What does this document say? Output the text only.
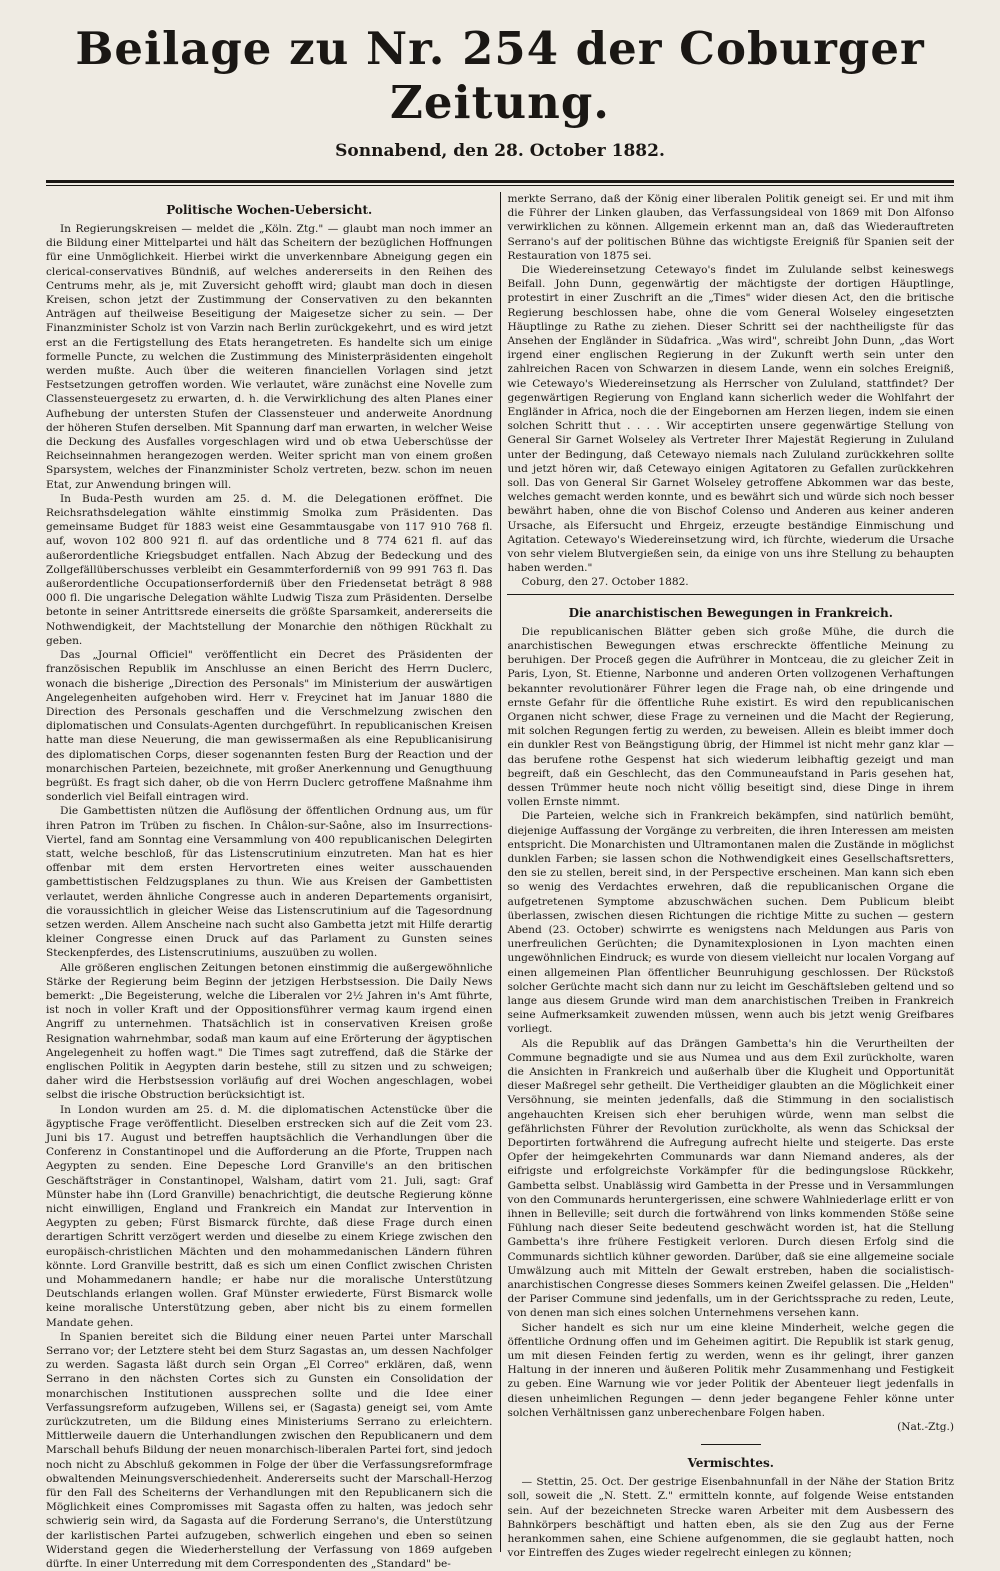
Beilage zu Nr. 254 der Coburger Zeitung.
Sonnabend, den 28. October 1882.
Politische Wochen-Uebersicht.

In Regierungskreisen — meldet die „Köln. Ztg." — glaubt man noch immer an die Bildung einer Mittelpartei und hält das Scheitern der bezüglichen Hoffnungen für eine Unmöglichkeit. Hierbei wirkt die unverkennbare Abneigung gegen ein clerical-conservatives Bündniß, auf welches andererseits in den Reihen des Centrums mehr, als je, mit Zuversicht gehofft wird; glaubt man doch in diesen Kreisen, schon jetzt der Zustimmung der Conservativen zu den bekannten Anträgen auf theilweise Beseitigung der Maigesetze sicher zu sein. — Der Finanzminister Scholz ist von Varzin nach Berlin zurückgekehrt, und es wird jetzt erst an die Fertigstellung des Etats herangetreten. Es handelte sich um einige formelle Puncte, zu welchen die Zustimmung des Ministerpräsidenten eingeholt werden mußte. Auch über die weiteren financiellen Vorlagen sind jetzt Festsetzungen getroffen worden. Wie verlautet, wäre zunächst eine Novelle zum Classensteuergesetz zu erwarten, d. h. die Verwirklichung des alten Planes einer Aufhebung der untersten Stufen der Classensteuer und anderweite Anordnung der höheren Stufen derselben. Mit Spannung darf man erwarten, in welcher Weise die Deckung des Ausfalles vorgeschlagen wird und ob etwa Ueberschüsse der Reichseinnahmen herangezogen werden. Weiter spricht man von einem großen Sparsystem, welches der Finanzminister Scholz vertreten, bezw. schon im neuen Etat, zur Anwendung bringen will.

In Buda-Pesth wurden am 25. d. M. die Delegationen eröffnet. Die Reichsrathsdelegation wählte einstimmig Smolka zum Präsidenten. Das gemeinsame Budget für 1883 weist eine Gesammtausgabe von 117 910 768 fl. auf, wovon 102 800 921 fl. auf das ordentliche und 8 774 621 fl. auf das außerordentliche Kriegsbudget entfallen. Nach Abzug der Bedeckung und des Zollgefällüberschusses verbleibt ein Gesammterforderniß von 99 991 763 fl. Das außerordentliche Occupationserforderniß über den Friedensetat beträgt 8 988 000 fl. Die ungarische Delegation wählte Ludwig Tisza zum Präsidenten. Derselbe betonte in seiner Antrittsrede einerseits die größte Sparsamkeit, andererseits die Nothwendigkeit, der Machtstellung der Monarchie den nöthigen Rückhalt zu geben.

Das „Journal Officiel" veröffentlicht ein Decret des Präsidenten der französischen Republik im Anschlusse an einen Bericht des Herrn Duclerc, wonach die bisherige „Direction des Personals" im Ministerium der auswärtigen Angelegenheiten aufgehoben wird. Herr v. Freycinet hat im Januar 1880 die Direction des Personals geschaffen und die Verschmelzung zwischen den diplomatischen und Consulats-Agenten durchgeführt. In republicanischen Kreisen hatte man diese Neuerung, die man gewissermaßen als eine Republicanisirung des diplomatischen Corps, dieser sogenannten festen Burg der Reaction und der monarchischen Parteien, bezeichnete, mit großer Anerkennung und Genugthuung begrüßt. Es fragt sich daher, ob die von Herrn Duclerc getroffene Maßnahme ihm sonderlich viel Beifall eintragen wird.

Die Gambettisten nützen die Auflösung der öffentlichen Ordnung aus, um für ihren Patron im Trüben zu fischen. In Châlon-sur-Saône, also im Insurrections-Viertel, fand am Sonntag eine Versammlung von 400 republicanischen Delegirten statt, welche beschloß, für das Listenscrutinium einzutreten. Man hat es hier offenbar mit dem ersten Hervortreten eines weiter ausschauenden gambettistischen Feldzugsplanes zu thun. Wie aus Kreisen der Gambettisten verlautet, werden ähnliche Congresse auch in anderen Departements organisirt, die voraussichtlich in gleicher Weise das Listenscrutinium auf die Tagesordnung setzen werden. Allem Anscheine nach sucht also Gambetta jetzt mit Hilfe derartig kleiner Congresse einen Druck auf das Parlament zu Gunsten seines Steckenpferdes, des Listenscrutiniums, auszuüben zu wollen.

Alle größeren englischen Zeitungen betonen einstimmig die außergewöhnliche Stärke der Regierung beim Beginn der jetzigen Herbstsession. Die Daily News bemerkt: „Die Begeisterung, welche die Liberalen vor 2½ Jahren in's Amt führte, ist noch in voller Kraft und der Oppositionsführer vermag kaum irgend einen Angriff zu unternehmen. Thatsächlich ist in conservativen Kreisen große Resignation wahrnehmbar, sodaß man kaum auf eine Erörterung der ägyptischen Angelegenheit zu hoffen wagt." Die Times sagt zutreffend, daß die Stärke der englischen Politik in Aegypten darin bestehe, still zu sitzen und zu schweigen; daher wird die Herbstsession vorläufig auf drei Wochen angeschlagen, wobei selbst die irische Obstruction berücksichtigt ist.

In London wurden am 25. d. M. die diplomatischen Actenstücke über die ägyptische Frage veröffentlicht. Dieselben erstrecken sich auf die Zeit vom 23. Juni bis 17. August und betreffen hauptsächlich die Verhandlungen über die Conferenz in Constantinopel und die Aufforderung an die Pforte, Truppen nach Aegypten zu senden. Eine Depesche Lord Granville's an den britischen Geschäftsträger in Constantinopel, Walsham, datirt vom 21. Juli, sagt: Graf Münster habe ihn (Lord Granville) benachrichtigt, die deutsche Regierung könne nicht einwilligen, England und Frankreich ein Mandat zur Intervention in Aegypten zu geben; Fürst Bismarck fürchte, daß diese Frage durch einen derartigen Schritt verzögert werden und dieselbe zu einem Kriege zwischen den europäisch-christlichen Mächten und den mohammedanischen Ländern führen könnte. Lord Granville bestritt, daß es sich um einen Conflict zwischen Christen und Mohammedanern handle; er habe nur die moralische Unterstützung Deutschlands erlangen wollen. Graf Münster erwiederte, Fürst Bismarck wolle keine moralische Unterstützung geben, aber nicht bis zu einem formellen Mandate gehen.

In Spanien bereitet sich die Bildung einer neuen Partei unter Marschall Serrano vor; der Letztere steht bei dem Sturz Sagastas an, um dessen Nachfolger zu werden. Sagasta läßt durch sein Organ „El Correo" erklären, daß, wenn Serrano in den nächsten Cortes sich zu Gunsten ein Consolidation der monarchischen Institutionen aussprechen sollte und die Idee einer Verfassungsreform aufzugeben, Willens sei, er (Sagasta) geneigt sei, vom Amte zurückzutreten, um die Bildung eines Ministeriums Serrano zu erleichtern. Mittlerweile dauern die Unterhandlungen zwischen den Republicanern und dem Marschall behufs Bildung der neuen monarchisch-liberalen Partei fort, sind jedoch noch nicht zu Abschluß gekommen in Folge der über die Verfassungsreformfrage obwaltenden Meinungsverschiedenheit. Andererseits sucht der Marschall-Herzog für den Fall des Scheiterns der Verhandlungen mit den Republicanern sich die Möglichkeit eines Compromisses mit Sagasta offen zu halten, was jedoch sehr schwierig sein wird, da Sagasta auf die Forderung Serrano's, die Unterstützung der karlistischen Partei aufzugeben, schwerlich eingehen und eben so seinen Widerstand gegen die Wiederherstellung der Verfassung von 1869 aufgeben dürfte. In einer Unterredung mit dem Correspondenten des „Standard" be-

merkte Serrano, daß der König einer liberalen Politik geneigt sei. Er und mit ihm die Führer der Linken glauben, das Verfassungsideal von 1869 mit Don Alfonso verwirklichen zu können. Allgemein erkennt man an, daß das Wiederauftreten Serrano's auf der politischen Bühne das wichtigste Ereigniß für Spanien seit der Restauration von 1875 sei.

Die Wiedereinsetzung Cetewayo's findet im Zululande selbst keineswegs Beifall. John Dunn, gegenwärtig der mächtigste der dortigen Häuptlinge, protestirt in einer Zuschrift an die „Times" wider diesen Act, den die britische Regierung beschlossen habe, ohne die vom General Wolseley eingesetzten Häuptlinge zu Rathe zu ziehen. Dieser Schritt sei der nachtheiligste für das Ansehen der Engländer in Südafrica. „Was wird", schreibt John Dunn, „das Wort irgend einer englischen Regierung in der Zukunft werth sein unter den zahlreichen Racen von Schwarzen in diesem Lande, wenn ein solches Ereigniß, wie Cetewayo's Wiedereinsetzung als Herrscher von Zululand, stattfindet? Der gegenwärtigen Regierung von England kann sicherlich weder die Wohlfahrt der Engländer in Africa, noch die der Eingebornen am Herzen liegen, indem sie einen solchen Schritt thut . . . . Wir acceptirten unsere gegenwärtige Stellung von General Sir Garnet Wolseley als Vertreter Ihrer Majestät Regierung in Zululand unter der Bedingung, daß Cetewayo niemals nach Zululand zurückkehren sollte und jetzt hören wir, daß Cetewayo einigen Agitatoren zu Gefallen zurückkehren soll. Das von General Sir Garnet Wolseley getroffene Abkommen war das beste, welches gemacht werden konnte, und es bewährt sich und würde sich noch besser bewährt haben, ohne die von Bischof Colenso und Anderen aus keiner anderen Ursache, als Eifersucht und Ehrgeiz, erzeugte beständige Einmischung und Agitation. Cetewayo's Wiedereinsetzung wird, ich fürchte, wiederum die Ursache von sehr vielem Blutvergießen sein, da einige von uns ihre Stellung zu behaupten haben werden."

Coburg, den 27. October 1882.

Die anarchistischen Bewegungen in Frankreich.

Die republicanischen Blätter geben sich große Mühe, die durch die anarchistischen Bewegungen etwas erschreckte öffentliche Meinung zu beruhigen. Der Proceß gegen die Aufrührer in Montceau, die zu gleicher Zeit in Paris, Lyon, St. Etienne, Narbonne und anderen Orten vollzogenen Verhaftungen bekannter revolutionärer Führer legen die Frage nah, ob eine dringende und ernste Gefahr für die öffentliche Ruhe existirt. Es wird den republicanischen Organen nicht schwer, diese Frage zu verneinen und die Macht der Regierung, mit solchen Regungen fertig zu werden, zu beweisen. Allein es bleibt immer doch ein dunkler Rest von Beängstigung übrig, der Himmel ist nicht mehr ganz klar — das berufene rothe Gespenst hat sich wiederum leibhaftig gezeigt und man begreift, daß ein Geschlecht, das den Communeaufstand in Paris gesehen hat, dessen Trümmer heute noch nicht völlig beseitigt sind, diese Dinge in ihrem vollen Ernste nimmt.

Die Parteien, welche sich in Frankreich bekämpfen, sind natürlich bemüht, diejenige Auffassung der Vorgänge zu verbreiten, die ihren Interessen am meisten entspricht. Die Monarchisten und Ultramontanen malen die Zustände in möglichst dunklen Farben; sie lassen schon die Nothwendigkeit eines Gesellschaftsretters, den sie zu stellen, bereit sind, in der Perspective erscheinen. Man kann sich eben so wenig des Verdachtes erwehren, daß die republicanischen Organe die aufgetretenen Symptome abzuschwächen suchen. Dem Publicum bleibt überlassen, zwischen diesen Richtungen die richtige Mitte zu suchen — gestern Abend (23. October) schwirrte es wenigstens nach Meldungen aus Paris von unerfreulichen Gerüchten; die Dynamitexplosionen in Lyon machten einen ungewöhnlichen Eindruck; es wurde von diesem vielleicht nur localen Vorgang auf einen allgemeinen Plan öffentlicher Beunruhigung geschlossen. Der Rückstoß solcher Gerüchte macht sich dann nur zu leicht im Geschäftsleben geltend und so lange aus diesem Grunde wird man dem anarchistischen Treiben in Frankreich seine Aufmerksamkeit zuwenden müssen, wenn auch bis jetzt wenig Greifbares vorliegt.

Als die Republik auf das Drängen Gambetta's hin die Verurtheilten der Commune begnadigte und sie aus Numea und aus dem Exil zurückholte, waren die Ansichten in Frankreich und außerhalb über die Klugheit und Opportunität dieser Maßregel sehr getheilt. Die Vertheidiger glaubten an die Möglichkeit einer Versöhnung, sie meinten jedenfalls, daß die Stimmung in den socialistisch angehauchten Kreisen sich eher beruhigen würde, wenn man selbst die gefährlichsten Führer der Revolution zurückholte, als wenn das Schicksal der Deportirten fortwährend die Aufregung aufrecht hielte und steigerte. Das erste Opfer der heimgekehrten Communards war dann Niemand anderes, als der eifrigste und erfolgreichste Vorkämpfer für die bedingungslose Rückkehr, Gambetta selbst. Unablässig wird Gambetta in der Presse und in Versammlungen von den Communards heruntergerissen, eine schwere Wahlniederlage erlitt er von ihnen in Belleville; seit durch die fortwährend von links kommenden Stöße seine Fühlung nach dieser Seite bedeutend geschwächt worden ist, hat die Stellung Gambetta's ihre frühere Festigkeit verloren. Durch diesen Erfolg sind die Communards sichtlich kühner geworden. Darüber, daß sie eine allgemeine sociale Umwälzung auch mit Mitteln der Gewalt erstreben, haben die socialistisch-anarchistischen Congresse dieses Sommers keinen Zweifel gelassen. Die „Helden" der Pariser Commune sind jedenfalls, um in der Gerichtssprache zu reden, Leute, von denen man sich eines solchen Unternehmens versehen kann.

Sicher handelt es sich nur um eine kleine Minderheit, welche gegen die öffentliche Ordnung offen und im Geheimen agitirt. Die Republik ist stark genug, um mit diesen Feinden fertig zu werden, wenn es ihr gelingt, ihrer ganzen Haltung in der inneren und äußeren Politik mehr Zusammenhang und Festigkeit zu geben. Eine Warnung wie vor jeder Politik der Abenteuer liegt jedenfalls in diesen unheimlichen Regungen — denn jeder begangene Fehler könne unter solchen Verhältnissen ganz unberechenbare Folgen haben.

(Nat.-Ztg.)
Vermischtes.

— Stettin, 25. Oct. Der gestrige Eisenbahnunfall in der Nähe der Station Britz soll, soweit die „N. Stett. Z." ermitteln konnte, auf folgende Weise entstanden sein. Auf der bezeichneten Strecke waren Arbeiter mit dem Ausbessern des Bahnkörpers beschäftigt und hatten eben, als sie den Zug aus der Ferne herankommen sahen, eine Schiene aufgenommen, die sie geglaubt hatten, noch vor Eintreffen des Zuges wieder regelrecht einlegen zu können;
